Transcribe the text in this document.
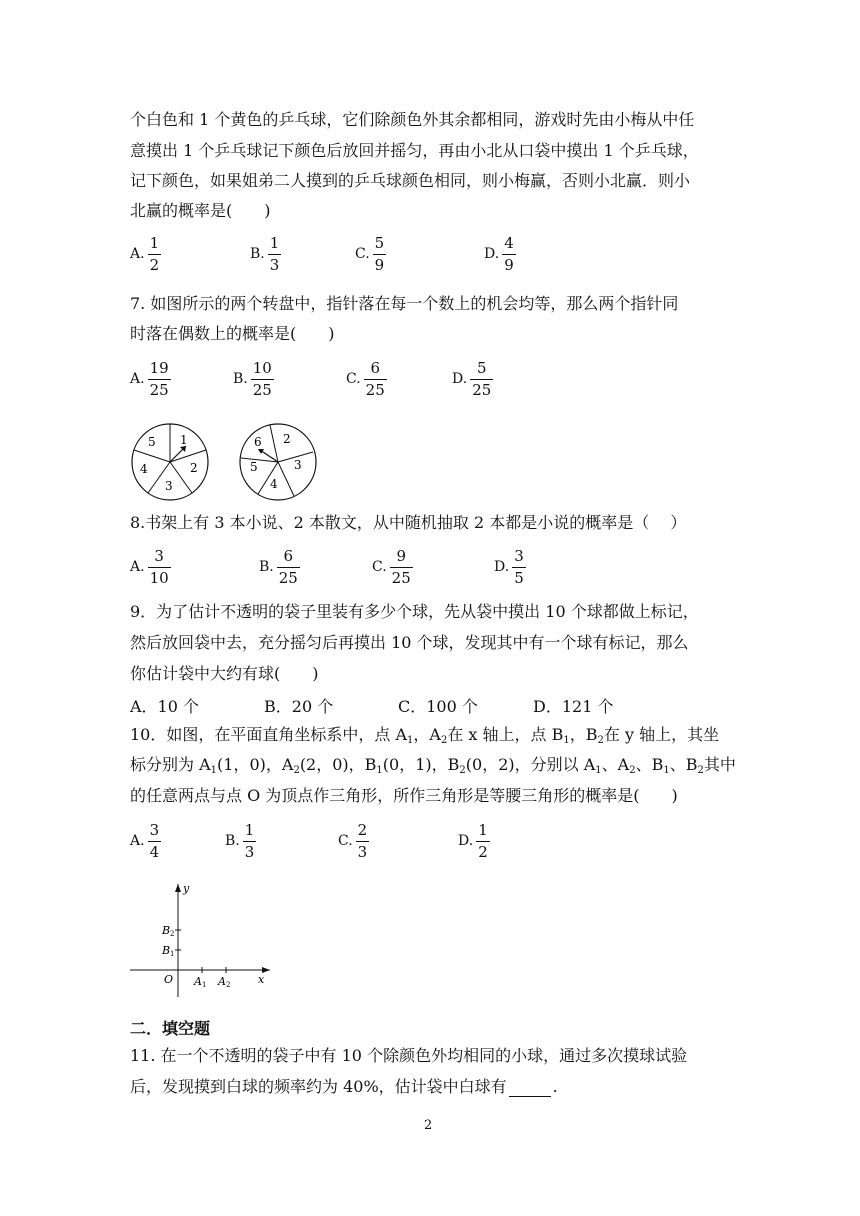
个白色和 1 个黄色的乒乓球，它们除颜色外其余都相同，游戏时先由小梅从中任
意摸出 1 个乒乓球记下颜色后放回并摇匀，再由小北从口袋中摸出 1 个乒乓球，
记下颜色，如果姐弟二人摸到的乒乓球颜色相同，则小梅赢，否则小北赢．则小
北赢的概率是(　　)
A. $\frac{1}{2}$	B. $\frac{1}{3}$	C. $\frac{5}{9}$	D. $\frac{4}{9}$
7. 如图所示的两个转盘中，指针落在每一个数上的机会均等，那么两个指针同
时落在偶数上的概率是(　　)
A. $\frac{19}{25}$	B. $\frac{10}{25}$	C. $\frac{6}{25}$	D. $\frac{5}{25}$
1
2
3
4
5	2
3
4
5
6
8.书架上有 3 本小说、2 本散文，从中随机抽取 2 本都是小说的概率是（　 ）
A. $\frac{3}{10}$	B. $\frac{6}{25}$	C. $\frac{9}{25}$	D. $\frac{3}{5}$
9．为了估计不透明的袋子里装有多少个球，先从袋中摸出 10 个球都做上标记，
然后放回袋中去，充分摇匀后再摸出 10 个球，发现其中有一个球有标记，那么
你估计袋中大约有球(　　)
A．10 个	B．20 个	C．100 个	D．121 个
10．如图，在平面直角坐标系中，点 $A_1$，$A_2$在 x 轴上，点 $B_1$，$B_2$在 y 轴上，其坐
标分别为 $A_1(1$，0)，$A_2(2$，0)，$B_1(0$，1)，$B_2(0$，2)，分别以 $A_1$、$A_2$、$B_1$、$B_2$其中
的任意两点与点 O 为顶点作三角形，所作三角形是等腰三角形的概率是(　　)
A. $\frac{3}{4}$	B. $\frac{1}{3}$	C. $\frac{2}{3}$	D. $\frac{1}{2}$
y
x
O
B 2
B 1
A 1 A 2
二．填空题
11. 在一个不透明的袋子中有 10 个除颜色外均相同的小球，通过多次摸球试验
后，发现摸到白球的频率约为 40%，估计袋中白球有	.
2
